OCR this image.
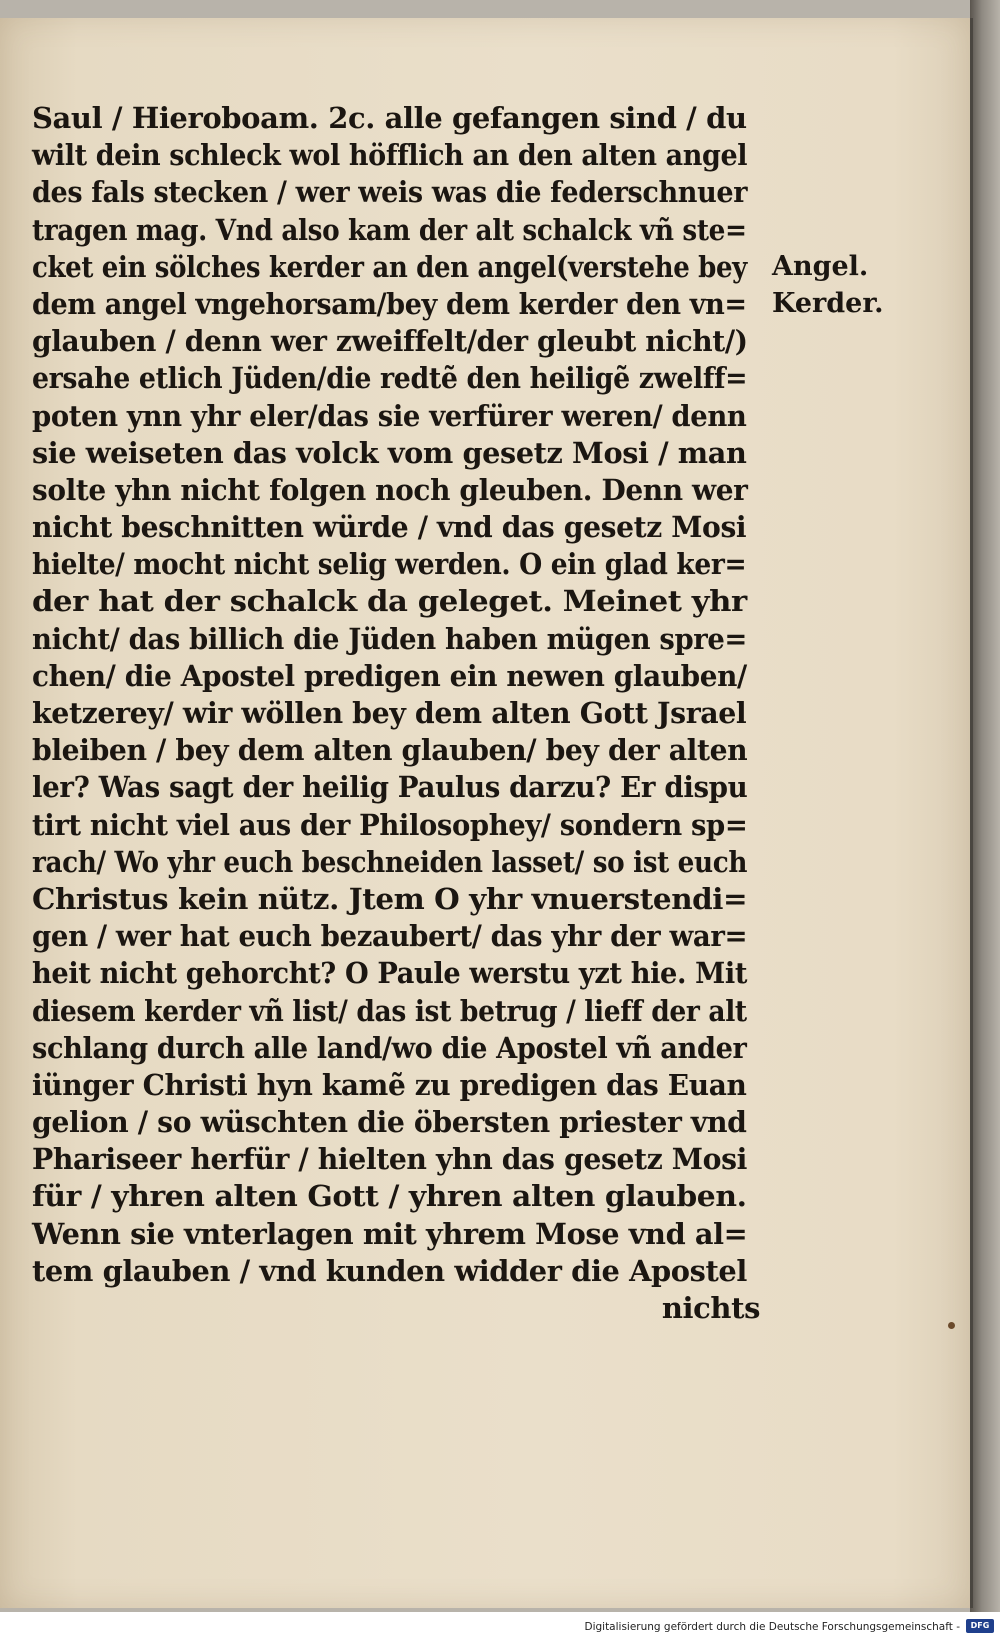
Saul / Hieroboam. 2c. alle gefangen sind / du
wilt dein schleck wol höfflich an den alten angel
des fals stecken / wer weis was die federschnuer
tragen mag. Vnd also kam der alt schalck vñ ste=
cket ein sölches kerder an den angel(verstehe bey
dem angel vngehorsam/bey dem kerder den vn=
glauben / denn wer zweiffelt/der gleubt nicht/)
ersahe etlich Jüden/die redtẽ den heiligẽ zwelff=
poten ynn yhr eler/das sie verfürer weren/ denn
sie weiseten das volck vom gesetz Mosi / man
solte yhn nicht folgen noch gleuben. Denn wer
nicht beschnitten würde / vnd das gesetz Mosi
hielte/ mocht nicht selig werden. O ein glad ker=
der hat der schalck da geleget. Meinet yhr
nicht/ das billich die Jüden haben mügen spre=
chen/ die Apostel predigen ein newen glauben/
ketzerey/ wir wöllen bey dem alten Gott Jsrael
bleiben / bey dem alten glauben/ bey der alten
ler? Was sagt der heilig Paulus darzu? Er dispu
tirt nicht viel aus der Philosophey/ sondern sp=
rach/ Wo yhr euch beschneiden lasset/ so ist euch
Christus kein nütz. Jtem O yhr vnuerstendi=
gen / wer hat euch bezaubert/ das yhr der war=
heit nicht gehorcht? O Paule werstu yzt hie. Mit
diesem kerder vñ list/ das ist betrug / lieff der alt
schlang durch alle land/wo die Apostel vñ ander
iünger Christi hyn kamẽ zu predigen das Euan
gelion / so wüschten die öbersten priester vnd
Phariseer herfür / hielten yhn das gesetz Mosi
für / yhren alten Gott / yhren alten glauben.
Wenn sie vnterlagen mit yhrem Mose vnd al=
tem glauben / vnd kunden widder die Apostel
nichts
Angel.
Kerder.
Digitalisierung gefördert durch die Deutsche Forschungsgemeinschaft -	DFG
